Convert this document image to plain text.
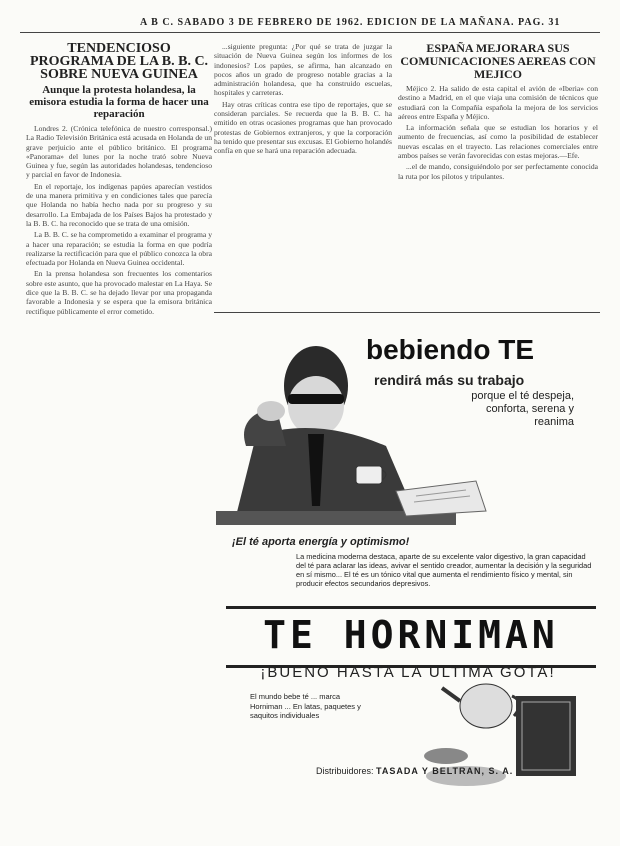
A B C. SABADO 3 DE FEBRERO DE 1962. EDICION DE LA MAÑANA. PAG. 31
TENDENCIOSO PROGRAMA DE LA B. B. C. SOBRE NUEVA GUINEA
Aunque la protesta holandesa, la emisora estudia la forma de hacer una reparación

Londres 2. (Crónica telefónica de nuestro corresponsal.) La Radio Televisión Británica está acusada en Holanda de un grave perjuicio ante el público británico. El programa «Panorama» del lunes por la noche trató sobre Nueva Guinea y fue, según las autoridades holandesas, tendencioso y parcial en favor de Indonesia.

En el reportaje, los indígenas papúes aparecían vestidos de una manera primitiva y en condiciones tales que parecía que Holanda no había hecho nada por su progreso y su desarrollo. La Embajada de los Países Bajos ha protestado y la B. B. C. ha reconocido que se trata de una omisión.

La B. B. C. se ha comprometido a examinar el programa y a hacer una reparación; se estudia la forma en que podría realizarse la rectificación para que el público conozca la obra efectuada por Holanda en Nueva Guinea occidental.

En la prensa holandesa son frecuentes los comentarios sobre este asunto, que ha provocado malestar en La Haya. Se dice que la B. B. C. se ha dejado llevar por una propaganda favorable a Indonesia y se espera que la emisora británica rectifique públicamente el error cometido.

...siguiente pregunta: ¿Por qué se trata de juzgar la situación de Nueva Guinea según los informes de los indonesios? Los papúes, se afirma, han alcanzado en pocos años un grado de progreso notable gracias a la administración holandesa, que ha construido escuelas, hospitales y carreteras.

Hay otras críticas contra ese tipo de reportajes, que se consideran parciales. Se recuerda que la B. B. C. ha emitido en otras ocasiones programas que han provocado protestas de Gobiernos extranjeros, y que la corporación ha tenido que presentar sus excusas. El Gobierno holandés confía en que se hará una reparación adecuada.

ESPAÑA MEJORARA SUS COMUNICACIONES AEREAS CON MEJICO

Méjico 2. Ha salido de esta capital el avión de «Iberia» con destino a Madrid, en el que viaja una comisión de técnicos que estudiará con la Compañía española la mejora de los servicios aéreos entre España y Méjico.

La información señala que se estudian los horarios y el aumento de frecuencias, así como la posibilidad de establecer nuevas escalas en el trayecto. Las relaciones comerciales entre ambos países se verán favorecidas con estas mejoras.—Efe.

...el de mando, consiguiéndolo por ser perfectamente conocida la ruta por los pilotos y tripulantes.

bebiendo TE
rendirá más su trabajo
porque el té despeja, conforta, serena y reanima
¡El té aporta energía y optimismo!
La medicina moderna destaca, aparte de su excelente valor digestivo, la gran capacidad del té para aclarar las ideas, avivar el sentido creador, aumentar la decisión y la seguridad en sí mismo... El té es un tónico vital que aumenta el rendimiento físico y mental, sin producir efectos secundarios depresivos.
TE HORNIMAN
¡BUENO HASTA LA ULTIMA GOTA!
El mundo bebe té ... marca Horniman ... En latas, paquetes y saquitos individuales
Distribuidores: TASADA Y BELTRAN, S. A.
